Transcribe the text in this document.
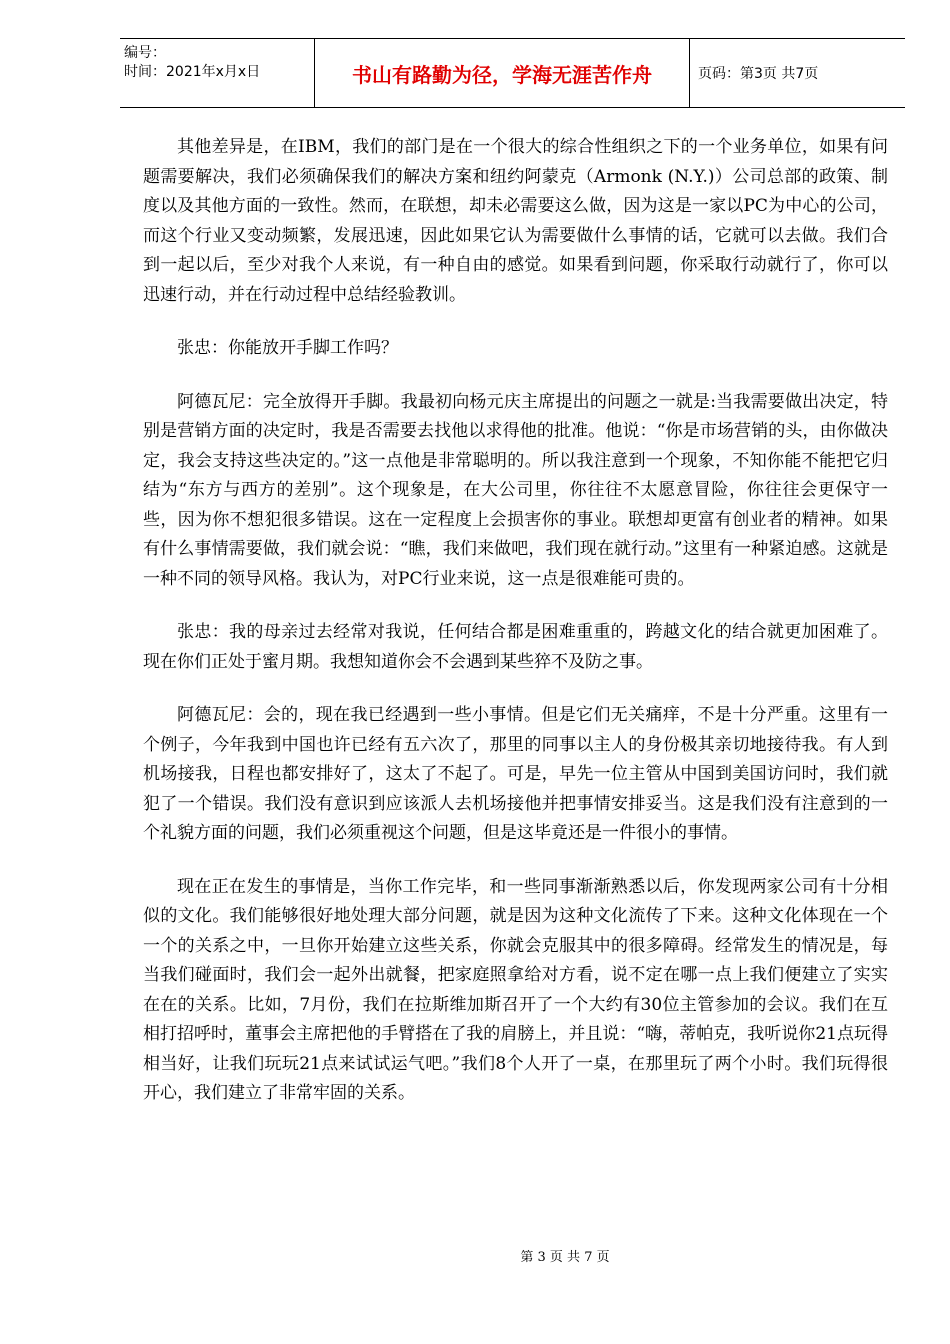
编号：
时间：2021年x月x日	书山有路勤为径，学海无涯苦作舟	页码：第3页 共7页

其他差异是，在IBM，我们的部门是在一个很大的综合性组织之下的一个业务单位，如果有问题需要解决，我们必须确保我们的解决方案和纽约阿蒙克（Armonk (N.Y.)）公司总部的政策、制度以及其他方面的一致性。然而，在联想，却未必需要这么做，因为这是一家以PC为中心的公司，而这个行业又变动频繁，发展迅速，因此如果它认为需要做什么事情的话，它就可以去做。我们合到一起以后，至少对我个人来说，有一种自由的感觉。如果看到问题，你采取行动就行了，你可以迅速行动，并在行动过程中总结经验教训。

张忠：你能放开手脚工作吗？

阿德瓦尼：完全放得开手脚。我最初向杨元庆主席提出的问题之一就是:当我需要做出决定，特别是营销方面的决定时，我是否需要去找他以求得他的批准。他说：“你是市场营销的头，由你做决定，我会支持这些决定的。”这一点他是非常聪明的。所以我注意到一个现象，不知你能不能把它归结为“东方与西方的差别”。这个现象是，在大公司里，你往往不太愿意冒险，你往往会更保守一些，因为你不想犯很多错误。这在一定程度上会损害你的事业。联想却更富有创业者的精神。如果有什么事情需要做，我们就会说：“瞧，我们来做吧，我们现在就行动。”这里有一种紧迫感。这就是一种不同的领导风格。我认为，对PC行业来说，这一点是很难能可贵的。

张忠：我的母亲过去经常对我说，任何结合都是困难重重的，跨越文化的结合就更加困难了。现在你们正处于蜜月期。我想知道你会不会遇到某些猝不及防之事。

阿德瓦尼：会的，现在我已经遇到一些小事情。但是它们无关痛痒，不是十分严重。这里有一个例子，今年我到中国也许已经有五六次了，那里的同事以主人的身份极其亲切地接待我。有人到机场接我，日程也都安排好了，这太了不起了。可是，早先一位主管从中国到美国访问时，我们就犯了一个错误。我们没有意识到应该派人去机场接他并把事情安排妥当。这是我们没有注意到的一个礼貌方面的问题，我们必须重视这个问题，但是这毕竟还是一件很小的事情。

现在正在发生的事情是，当你工作完毕，和一些同事渐渐熟悉以后，你发现两家公司有十分相似的文化。我们能够很好地处理大部分问题，就是因为这种文化流传了下来。这种文化体现在一个一个的关系之中，一旦你开始建立这些关系，你就会克服其中的很多障碍。经常发生的情况是，每当我们碰面时，我们会一起外出就餐，把家庭照拿给对方看，说不定在哪一点上我们便建立了实实在在的关系。比如，7月份，我们在拉斯维加斯召开了一个大约有30位主管参加的会议。我们在互相打招呼时，董事会主席把他的手臂搭在了我的肩膀上，并且说：“嗨，蒂帕克，我听说你21点玩得相当好，让我们玩玩21点来试试运气吧。”我们8个人开了一桌，在那里玩了两个小时。我们玩得很开心，我们建立了非常牢固的关系。

第 3 页 共 7 页
